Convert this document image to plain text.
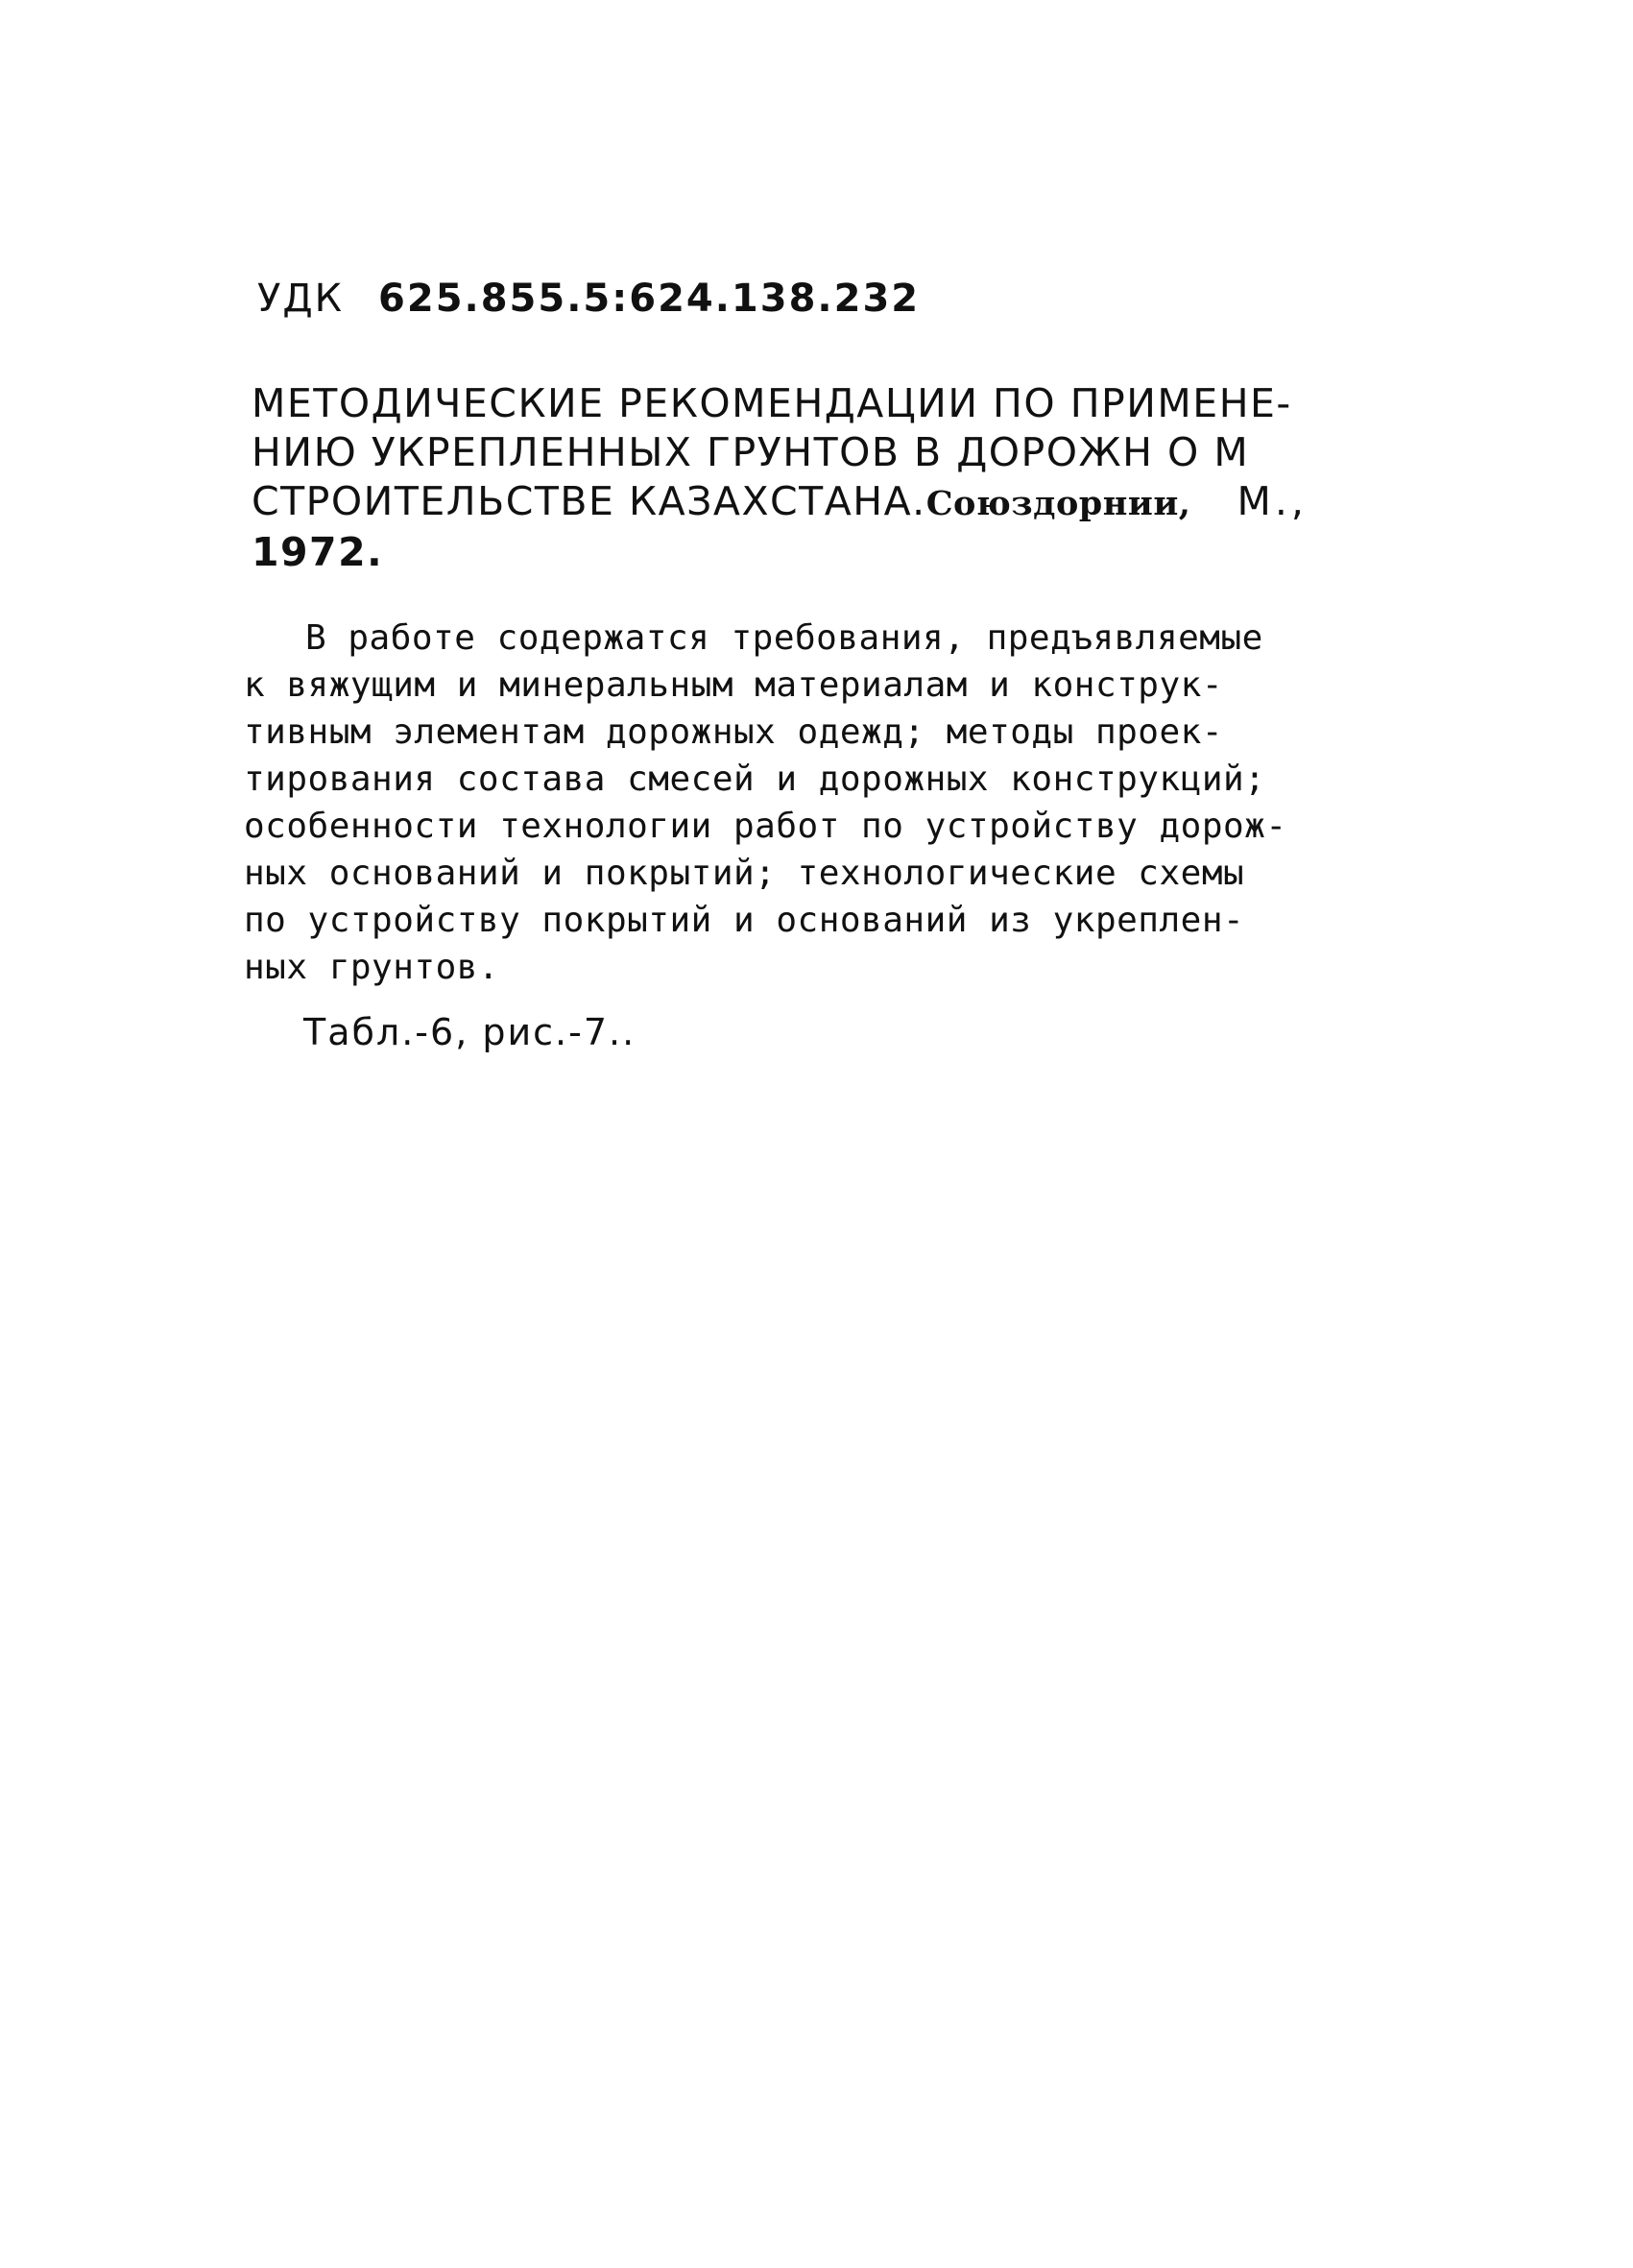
УДК 625.855.5:624.138.232
МЕТОДИЧЕСКИЕ РЕКОМЕНДАЦИИ ПО ПРИМЕНЕ-
НИЮ УКРЕПЛЕННЫХ ГРУНТОВ В ДОРОЖН О М
СТРОИТЕЛЬСТВЕ КАЗАХСТАНА.Союздорнии, М.,
1972.
В работе содержатся требования, предъявляемые
к вяжущим и минеральным материалам и конструк-
тивным элементам дорожных одежд; методы проек-
тирования состава смесей и дорожных конструкций;
особенности технологии работ по устройству дорож-
ных оснований и покрытий; технологические схемы
по устройству покрытий и оснований из укреплен-
ных грунтов.
Табл.-6, рис.-7..
